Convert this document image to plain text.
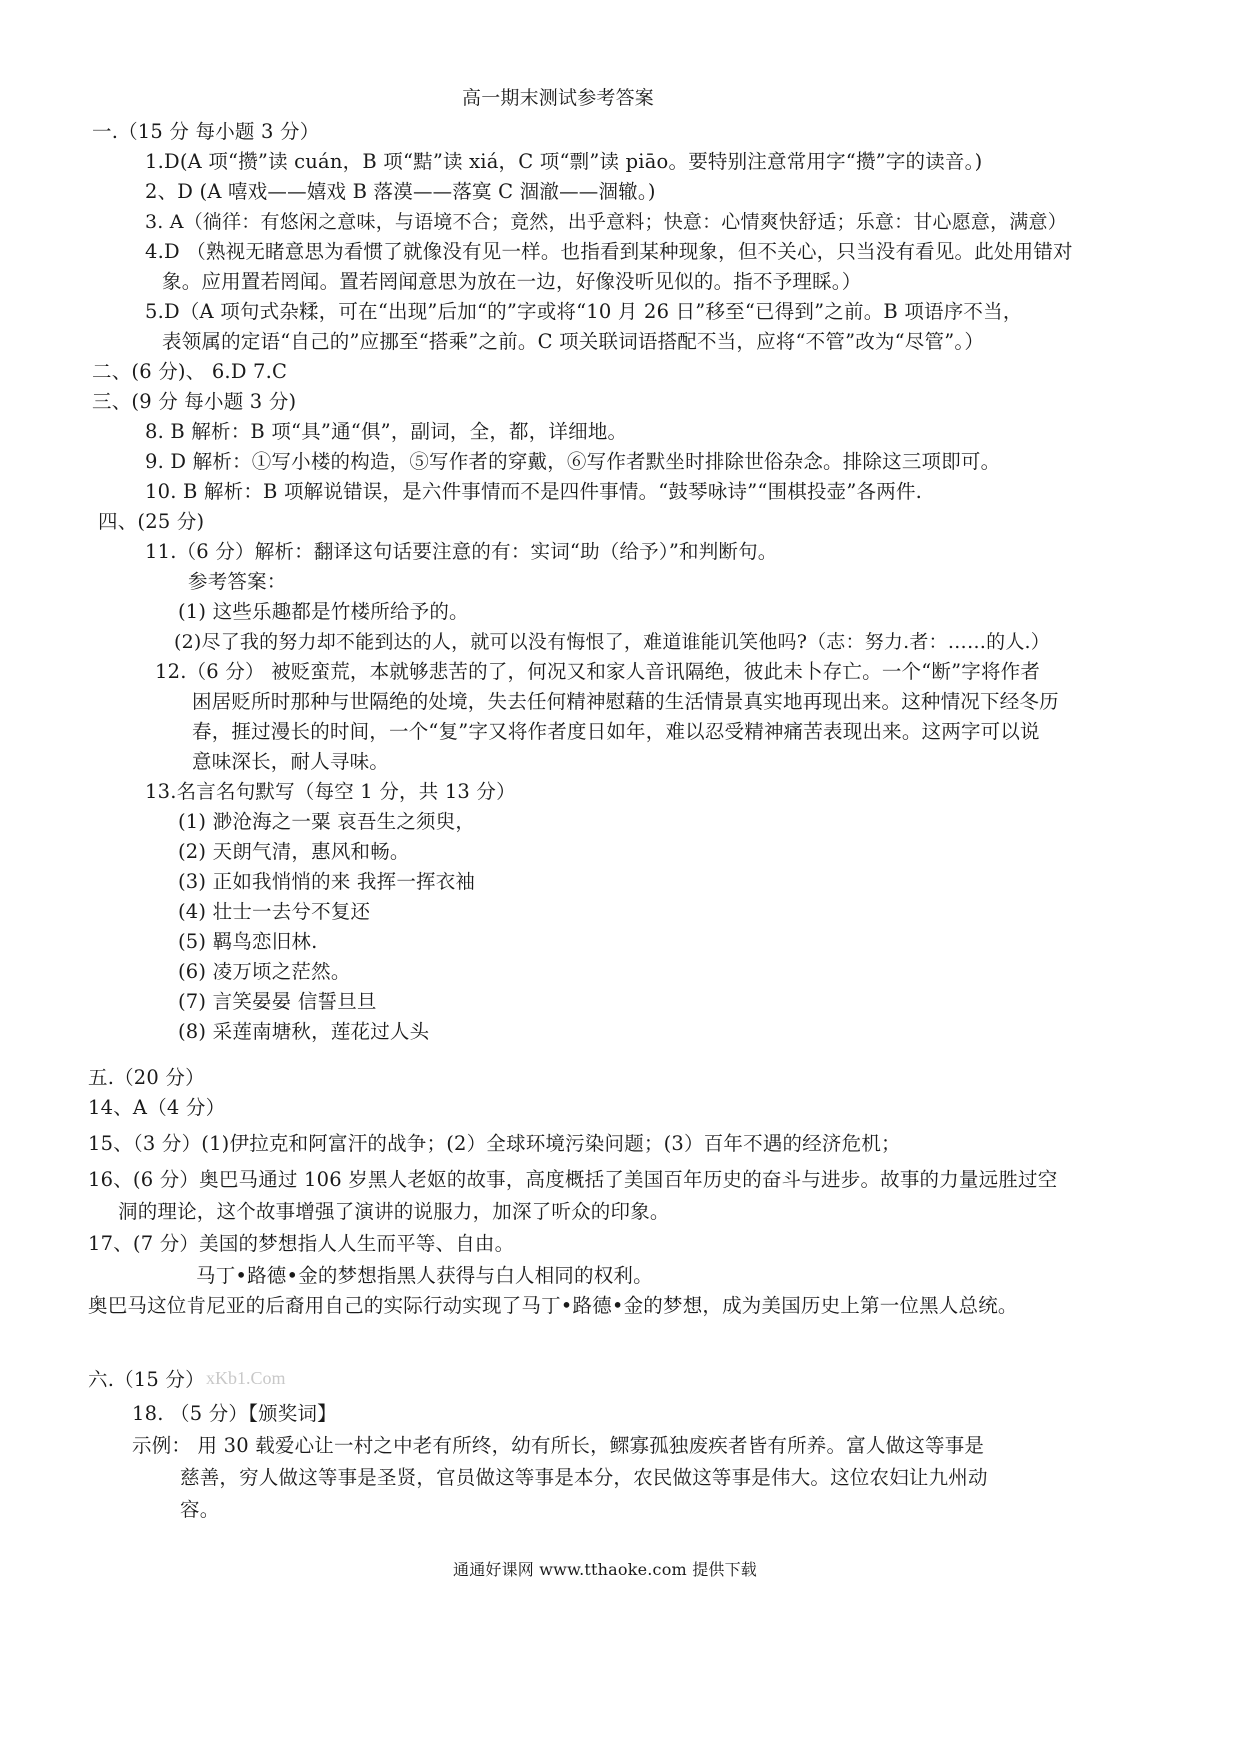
高一期末测试参考答案
一.（15 分 每小题 3 分）
1.D(A 项“攒”读 cuán，B 项“黠”读 xiá，C 项“剽”读 piāo。要特别注意常用字“攒”字的读音。)
2、D (A 嘻戏——嬉戏 B 落漠——落寞 C 涸澈——涸辙。)
3. A（徜徉：有悠闲之意味，与语境不合；竟然，出乎意料；快意：心情爽快舒适；乐意：甘心愿意，满意）
4.D （熟视无睹意思为看惯了就像没有见一样。也指看到某种现象，但不关心，只当没有看见。此处用错对
象。应用置若罔闻。置若罔闻意思为放在一边，好像没听见似的。指不予理睬。）
5.D（A 项句式杂糅，可在“出现”后加“的”字或将“10 月 26 日”移至“已得到”之前。B 项语序不当，
表领属的定语“自己的”应挪至“搭乘”之前。C 项关联词语搭配不当，应将“不管”改为“尽管”。）
二、(6 分)、 6.D 7.C
三、(9 分 每小题 3 分)
8. B 解析：B 项“具”通“俱”，副词，全，都，详细地。
9. D 解析：①写小楼的构造，⑤写作者的穿戴，⑥写作者默坐时排除世俗杂念。排除这三项即可。
10. B 解析：B 项解说错误，是六件事情而不是四件事情。“鼓琴咏诗”“围棋投壶”各两件.
四、(25 分)
11.（6 分）解析：翻译这句话要注意的有：实词“助（给予）”和判断句。
参考答案：
(1) 这些乐趣都是竹楼所给予的。
(2)尽了我的努力却不能到达的人，就可以没有悔恨了，难道谁能讥笑他吗?（志：努力.者：……的人.）
12.（6 分） 被贬蛮荒，本就够悲苦的了，何况又和家人音讯隔绝，彼此未卜存亡。一个“断”字将作者
困居贬所时那种与世隔绝的处境，失去任何精神慰藉的生活情景真实地再现出来。这种情况下经冬历
春，捱过漫长的时间，一个“复”字又将作者度日如年，难以忍受精神痛苦表现出来。这两字可以说
意味深长，耐人寻味。
13.名言名句默写（每空 1 分，共 13 分）
(1) 渺沧海之一粟 哀吾生之须臾，
(2) 天朗气清，惠风和畅。
(3) 正如我悄悄的来 我挥一挥衣袖
(4) 壮士一去兮不复还
(5) 羁鸟恋旧林.
(6) 凌万顷之茫然。
(7) 言笑晏晏 信誓旦旦
(8) 采莲南塘秋，莲花过人头
五.（20 分）
14、A（4 分）
15、（3 分）(1)伊拉克和阿富汗的战争；(2）全球环境污染问题；(3）百年不遇的经济危机；
16、(6 分）奥巴马通过 106 岁黑人老妪的故事，高度概括了美国百年历史的奋斗与进步。故事的力量远胜过空
洞的理论，这个故事增强了演讲的说服力，加深了听众的印象。
17、(7 分）美国的梦想指人人生而平等、自由。
马丁•路德•金的梦想指黑人获得与白人相同的权利。
奥巴马这位肯尼亚的后裔用自己的实际行动实现了马丁•路德•金的梦想，成为美国历史上第一位黑人总统。
六.（15 分） xKb1.Com
18. （5 分）【颁奖词】
示例： 用 30 载爱心让一村之中老有所终，幼有所长，鳏寡孤独废疾者皆有所养。富人做这等事是
慈善，穷人做这等事是圣贤，官员做这等事是本分，农民做这等事是伟大。这位农妇让九州动
容。
通通好课网 www.tthaoke.com 提供下载
